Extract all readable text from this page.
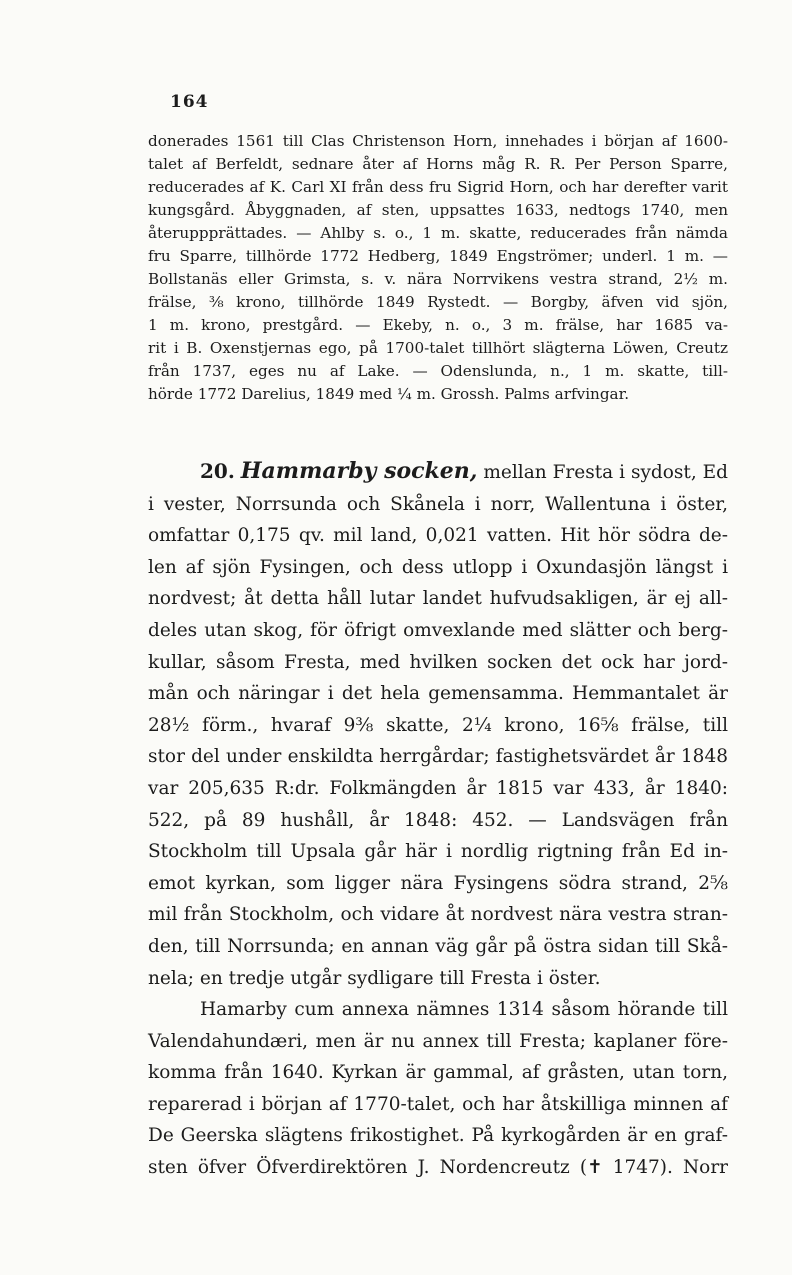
164
donerades 1561 till Clas Christenson Horn, innehades i början af 1600-
talet af Berfeldt, sednare åter af Horns måg R. R. Per Person Sparre,
reducerades af K. Carl XI från dess fru Sigrid Horn, och har derefter varit
kungsgård. Åbyggnaden, af sten, uppsattes 1633, nedtogs 1740, men
återuppprättades. — Ahlby s. o., 1 m. skatte, reducerades från nämda
fru Sparre, tillhörde 1772 Hedberg, 1849 Engströmer; underl. 1 m. —
Bollstanäs eller Grimsta, s. v. nära Norrvikens vestra strand, 2½ m.
frälse, ⅜ krono, tillhörde 1849 Rystedt. — Borgby, äfven vid sjön,
1 m. krono, prestgård. — Ekeby, n. o., 3 m. frälse, har 1685 va-
rit i B. Oxenstjernas ego, på 1700-talet tillhört slägterna Löwen, Creutz
från 1737, eges nu af Lake. — Odenslunda, n., 1 m. skatte, till-
hörde 1772 Darelius, 1849 med ¼ m. Grossh. Palms arfvingar.
20. Hammarby socken, mellan Fresta i sydost, Ed
i vester, Norrsunda och Skånela i norr, Wallentuna i öster,
omfattar 0,175 qv. mil land, 0,021 vatten. Hit hör södra de-
len af sjön Fysingen, och dess utlopp i Oxundasjön längst i
nordvest; åt detta håll lutar landet hufvudsakligen, är ej all-
deles utan skog, för öfrigt omvexlande med slätter och berg-
kullar, såsom Fresta, med hvilken socken det ock har jord-
mån och näringar i det hela gemensamma. Hemmantalet är
28½ förm., hvaraf 9⅜ skatte, 2¼ krono, 16⅝ frälse, till
stor del under enskildta herrgårdar; fastighetsvärdet år 1848
var 205,635 R:dr. Folkmängden år 1815 var 433, år 1840:
522, på 89 hushåll, år 1848: 452. — Landsvägen från
Stockholm till Upsala går här i nordlig rigtning från Ed in-
emot kyrkan, som ligger nära Fysingens södra strand, 2⅝
mil från Stockholm, och vidare åt nordvest nära vestra stran-
den, till Norrsunda; en annan väg går på östra sidan till Skå-
nela; en tredje utgår sydligare till Fresta i öster.
Hamarby cum annexa nämnes 1314 såsom hörande till
Valendahundæri, men är nu annex till Fresta; kaplaner före-
komma från 1640. Kyrkan är gammal, af gråsten, utan torn,
reparerad i början af 1770-talet, och har åtskilliga minnen af
De Geerska slägtens frikostighet. På kyrkogården är en graf-
sten öfver Öfverdirektören J. Nordencreutz (✝ 1747). Norr
